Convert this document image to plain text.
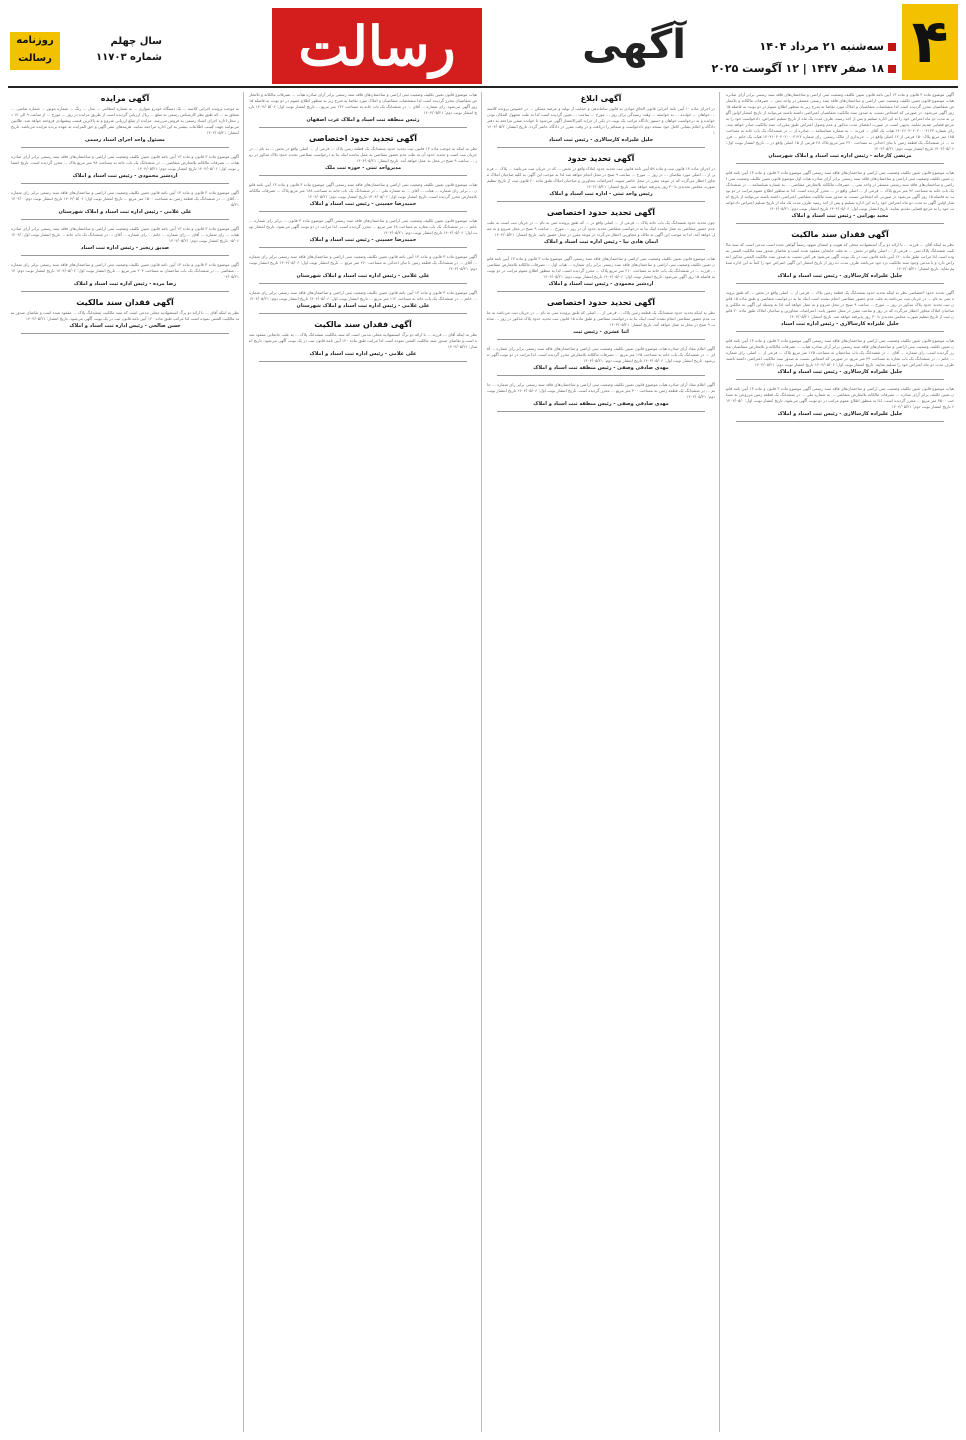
۴
سه‌شنبه ۲۱ مرداد ۱۴۰۴
۱۸ صفر ۱۴۴۷ | ۱۲ آگوست ۲۰۲۵
آگهی
رسالت
سال چهلم
شماره ۱۱۷۰۳
روزنامه
رسالت
آگهی موضوع ماده ۳ قانون و ماده ۱۳ آیین نامه قانون تعیین تکلیف وضعیت ثبتی اراضی و ساختمان‌های فاقد سند رسمی برابر آرای صادره هیات موضوع قانون تعیین تکلیف وضعیت ثبتی اراضی و ساختمان‌های فاقد سند رسمی مستقر در واحد ثبتی ... تصرفات مالکانه و بلامعارض متقاضیان محرز گردیده است لذا مشخصات متقاضیان و املاک مورد تقاضا به شرح زیر به منظور اطلاع عموم در دو نوبت به فاصله ۱۵ روز آگهی می‌شود. در صورتی که اشخاص نسبت به صدور سند مالکیت متقاضیان اعتراضی داشته باشند می‌توانند از تاریخ انتشار اولین آگهی به مدت دو ماه اعتراض خود را به این اداره تسلیم و پس از اخذ رسید، ظرف مدت یک ماه از تاریخ تسلیم اعتراض، دادخواست خود را به مرجع قضایی تقدیم نمایند. بدیهی است در صورت انقضای مدت مذکور و عدم وصول اعتراض طبق مقررات سند مالکیت صادر خواهد شد. رای شماره ۱۴۰۴۶۰۳۰۲۰۲۰۰۰۴۱۲۳ هیات یک آقای ... فرزند ... به شماره شناسنامه ... صادره از ... در ششدانگ یک باب خانه به مساحت ۱۸۵ متر مربع پلاک ۱۵۰ فرعی از ۱۲ اصلی واقع در ... خریداری از مالک رسمی. رای شماره ۱۴۰۴۶۰۳۰۲۰۲۰۰۰۴۱۲۴ هیات یک خانم ... فرزند ... در ششدانگ یک قطعه زمین با بنای احداثی به مساحت ۲۲۰ متر مربع پلاک ۲۸ فرعی از ۱۵ اصلی واقع در ... تاریخ انتشار نوبت اول: ۱۴۰۴/۰۵/۰۶ تاریخ انتشار نوبت دوم: ۱۴۰۴/۰۵/۲۱
مرتضی کارخانه - رئیس اداره ثبت اسناد و املاک شهرستان
هیات موضوع قانون تعیین تکلیف وضعیت ثبتی اراضی و ساختمان‌های فاقد سند رسمی آگهی موضوع ماده ۳ قانون و ماده ۱۳ آیین نامه قانون تعیین تکلیف وضعیت ثبتی اراضی و ساختمان‌های فاقد سند رسمی برابر آرای صادره هیات اول موضوع قانون تعیین تکلیف وضعیت ثبتی اراضی و ساختمان‌های فاقد سند رسمی مستقر در واحد ثبتی ... تصرفات مالکانه بلامعارض متقاضی ... به شماره شناسنامه ... در ششدانگ یک باب خانه به مساحت ۹۶ متر مربع پلاک ... فرعی از ... اصلی واقع در ... محرز گردیده است. لذا به منظور اطلاع عموم مراتب در دو نوبت به فاصله ۱۵ روز آگهی می‌شود در صورتی که اشخاص نسبت به صدور سند مالکیت متقاضی اعتراضی داشته باشند می‌توانند از تاریخ انتشار اولین آگهی به مدت دو ماه اعتراض خود را به این اداره تسلیم و پس از اخذ رسید ظرف مدت یک ماه از تاریخ تسلیم اعتراض دادخواست خود را به مرجع قضایی تقدیم نمایند. تاریخ انتشار نوبت اول: ۱۴۰۴/۰۵/۰۶ تاریخ انتشار نوبت دوم: ۱۴۰۴/۰۵/۲۱
مجید بهرامی - رئیس ثبت اسناد و املاک
آگهی فقدان سند مالکیت
نظر به اینکه آقای ... فرزند ... با ارائه دو برگ استشهادیه محلی که هویت و امضای شهود رسماً گواهی شده است مدعی است که سند مالکیت ششدانگ پلاک ثبتی ... فرعی از ... اصلی واقع در بخش ... به علت جابجایی مفقود شده است و تقاضای صدور سند مالکیت المثنی نموده است لذا مراتب طبق ماده ۱۲۰ آیین نامه قانون ثبت در یک نوبت آگهی می‌شود هر کس نسبت به صدور سند مالکیت المثنی مذکور اعتراض دارد و یا مدعی وجود سند مالکیت نزد خود می‌باشد ظرف مدت ده روز از تاریخ انتشار این آگهی اعتراض خود را کتباً به این اداره تسلیم نماید. تاریخ انتشار: ۱۴۰۴/۰۵/۲۱
جلیل علیزاده کارسالاری - رئیس ثبت اسناد و املاک
آگهی تحدید حدود اختصاصی نظر به اینکه تحدید حدود ششدانگ یک قطعه زمین پلاک ... فرعی از ... اصلی واقع در بخش ... که طبق پرونده ثبتی به نام ... در جریان ثبت می‌باشد به علت عدم حضور متقاضی انجام نشده است اینک بنا به درخواست متقاضی و طبق ماده ۱۵ قانون ثبت تحدید حدود پلاک مذکور در روز ... مورخ ... ساعت ۹ صبح در محل شروع و به عمل خواهد آمد لذا به وسیله این آگهی به مالکین و صاحبان املاک مجاور اخطار می‌گردد که در روز و ساعت مقرر در محل حضور یابند. اعتراضات مجاورین و صاحبان املاک طبق ماده ۲۰ قانون ثبت از تاریخ تنظیم صورت مجلس تحدیدی تا ۳۰ روز پذیرفته خواهد شد. تاریخ انتشار: ۱۴۰۴/۰۵/۲۱
جلیل علیزاده کارسالاری - رئیس اداره ثبت اسناد
هیات موضوع قانون تعیین تکلیف وضعیت ثبتی اراضی و ساختمان‌های فاقد سند رسمی آگهی موضوع ماده ۳ قانون و ماده ۱۳ آیین نامه قانون تعیین تکلیف وضعیت ثبتی اراضی و ساختمان‌های فاقد سند رسمی برابر آرای صادره هیات ... تصرفات مالکانه و بلامعارض متقاضیان محرز گردیده است. رای شماره ... آقای ... در ششدانگ یک باب ساختمان به مساحت ۱۲۵ متر مربع پلاک ... فرعی از ... اصلی. رای شماره ... خانم ... در ششدانگ یک باب مغازه به مساحت ۳۴ متر مربع. در صورتی که اشخاص نسبت به صدور سند مالکیت اعتراضی داشته باشند ظرف مدت دو ماه اعتراض خود را تسلیم نمایند. تاریخ انتشار نوبت اول: ۱۴۰۴/۰۵/۰۶ تاریخ انتشار نوبت دوم: ۱۴۰۴/۰۵/۲۱
جلیل علیزاده کارسالاری - رئیس ثبت اسناد و املاک
هیات موضوع قانون تعیین تکلیف وضعیت ثبتی اراضی و ساختمان‌های فاقد سند رسمی آگهی موضوع ماده ۳ قانون و ماده ۱۳ آیین نامه قانون تعیین تکلیف برابر آرای صادره ... تصرفات مالکانه بلامعارض متقاضی ... به شماره ملی ... در ششدانگ یک قطعه زمین مزروعی به مساحت ۴۵۰۰ متر مربع ... محرز گردیده است. لذا به منظور اطلاع عموم مراتب در دو نوبت آگهی می‌شود. تاریخ انتشار نوبت اول: ۱۴۰۴/۰۵/۰۶ تاریخ انتشار نوبت دوم: ۱۴۰۴/۰۵/۲۱
جلیل علیزاده کارسالاری - رئیس ثبت اسناد و املاک
آگهی ابلاغ
در اجرای ماده ۱۰ آیین نامه اجرایی قانون الحاق موادی به قانون ساماندهی و حمایت از تولید و عرضه مسکن ... در خصوص پرونده کلاسه ... خواهان ... خوانده ... به خواسته ... وقت رسیدگی برای روز ... مورخ ... ساعت ... تعیین گردیده است لذا به علت مجهول المکان بودن خوانده و به درخواست خواهان و دستور دادگاه مراتب یک نوبت در یکی از جراید کثیرالانتشار آگهی می‌شود تا خوانده ضمن مراجعه به دفتر دادگاه و اعلام نشانی کامل خود نسخه دوم دادخواست و ضمائم را دریافت و در وقت مقرر در دادگاه حاضر گردد. تاریخ انتشار: ۱۴۰۴/۰۵/۲۱
جلیل علیزاده کارسالاری - رئیس ثبت اسناد
آگهی تحدید حدود
در اجرای ماده ۱۴ قانون ثبت و ماده ۵۹ آیین نامه قانون ثبت تحدید حدود املاک واقع در بخش ... که در جریان ثبت می‌باشد ... پلاک ... فرعی از ... اصلی مورد تقاضای ... در روز ... مورخ ... ساعت ۹ صبح در محل انجام خواهد شد لذا به موجب این آگهی به کلیه صاحبان املاک مجاور اخطار می‌گردد که در موعد مقرر در محل حاضر شوند. اعتراضات مجاورین و صاحبان املاک طبق ماده ۲۰ قانون ثبت از تاریخ تنظیم صورت مجلس تحدیدی تا ۳۰ روز پذیرفته خواهد شد. تاریخ انتشار: ۱۴۰۴/۰۵/۲۱
رئیس واحد ثبتی - اداره ثبت اسناد و املاک
آگهی تحدید حدود اختصاصی
چون تحدید حدود ششدانگ یک باب خانه پلاک ... فرعی از ... اصلی واقع در ... که طبق پرونده ثبتی به نام ... در جریان ثبت است به علت عدم حضور متقاضی به عمل نیامده اینک بنا به درخواست متقاضی تحدید حدود آن در روز ... مورخ ... ساعت ۹ صبح در محل شروع و به عمل خواهد آمد. لذا به موجب این آگهی به مالک و مجاورین اخطار می‌گردد در موعد مقرر در محل حضور یابند. تاریخ انتشار: ۱۴۰۴/۰۵/۲۱
ایمان هادی نیا - رئیس اداره ثبت اسناد و املاک
هیات موضوع قانون تعیین تکلیف وضعیت ثبتی اراضی و ساختمان‌های فاقد سند رسمی آگهی موضوع ماده ۳ قانون و ماده ۱۳ آیین نامه قانون تعیین تکلیف وضعیت ثبتی اراضی و ساختمان‌های فاقد سند رسمی برابر رای شماره ... هیات اول ... تصرفات مالکانه بلامعارض متقاضی ... فرزند ... در ششدانگ یک باب خانه به مساحت ۲۱۰ متر مربع پلاک ... محرز گردیده است. لذا به منظور اطلاع عموم مراتب در دو نوبت به فاصله ۱۵ روز آگهی می‌شود. تاریخ انتشار نوبت اول: ۱۴۰۴/۰۵/۰۶ تاریخ انتشار نوبت دوم: ۱۴۰۴/۰۵/۲۱
اردشیر محمودی - رئیس ثبت اسناد و املاک
آگهی تحدید حدود اختصاصی
نظر به اینکه تحدید حدود ششدانگ یک قطعه زمین پلاک ... فرعی از ... اصلی که طبق پرونده ثبتی به نام ... در جریان ثبت می‌باشد به علت عدم حضور متقاضی انجام نشده است اینک بنا به درخواست متقاضی و طبق ماده ۱۵ قانون ثبت تحدید حدود پلاک مذکور در روز ... ساعت ۹ صبح در محل به عمل خواهد آمد. تاریخ انتشار: ۱۴۰۴/۰۵/۲۱
اثنا عشری - رئیس ثبت
آگهی اعلام مفاد آرای صادره هیات موضوع قانون تعیین تکلیف وضعیت ثبتی اراضی و ساختمان‌های فاقد سند رسمی برابر رای شماره ... آقای ... در ششدانگ یک باب خانه به مساحت ۱۶۵ متر مربع ... تصرفات مالکانه بلامعارض محرز گردیده است. لذا مراتب در دو نوبت آگهی می‌شود. تاریخ انتشار نوبت اول: ۱۴۰۴/۰۵/۰۶ تاریخ انتشار نوبت دوم: ۱۴۰۴/۰۵/۲۱
مهدی صادقی وصفی - رئیس منطقه ثبت اسناد و املاک
آگهی اعلام مفاد آرای صادره هیات موضوع قانون تعیین تکلیف وضعیت ثبتی اراضی و ساختمان‌های فاقد سند رسمی برابر رای شماره ... خانم ... در ششدانگ یک قطعه زمین به مساحت ۳۰۰ متر مربع ... محرز گردیده است. تاریخ انتشار نوبت اول: ۱۴۰۴/۰۵/۰۶ تاریخ انتشار نوبت دوم: ۱۴۰۴/۰۵/۲۱
مهدی صادقی وصفی - رئیس منطقه ثبت اسناد و املاک
هیات موضوع قانون تعیین تکلیف وضعیت ثبتی اراضی و ساختمان‌های فاقد سند رسمی برابر آرای صادره هیات ... تصرفات مالکانه و بلامعارض متقاضیان محرز گردیده است لذا مشخصات متقاضیان و املاک مورد تقاضا به شرح زیر به منظور اطلاع عموم در دو نوبت به فاصله ۱۵ روز آگهی می‌شود. رای شماره ... آقای ... در ششدانگ یک باب خانه به مساحت ۱۴۲ متر مربع ... تاریخ انتشار نوبت اول: ۱۴۰۴/۰۵/۰۶ تاریخ انتشار نوبت دوم: ۱۴۰۴/۰۵/۲۱
رئیس منطقه ثبت اسناد و املاک غرب اصفهان
آگهی تجدید حدود اختصاصی
نظر به اینکه به موجب ماده ۱۳ قانون ثبت تحدید حدود ششدانگ یک قطعه زمین پلاک ... فرعی از ... اصلی واقع در بخش ... به نام ... در جریان ثبت است و تحدید حدود آن به علت عدم حضور متقاضی به عمل نیامده اینک بنا به درخواست متقاضی تحدید حدود پلاک مذکور در روز ... ساعت ۹ صبح در محل به عمل خواهد آمد. تاریخ انتشار: ۱۴۰۴/۰۵/۲۱
مدیرواحد ثبتی - حوزه ثبت ملک
هیات موضوع قانون تعیین تکلیف وضعیت ثبتی اراضی و ساختمان‌های فاقد سند رسمی آگهی موضوع ماده ۳ قانون و ماده ۱۳ آیین نامه قانون ... برابر رای شماره ... هیات ... آقای ... به شماره ملی ... در ششدانگ یک باب خانه به مساحت ۱۸۸ متر مربع پلاک ... تصرفات مالکانه بلامعارض محرز گردیده است. تاریخ انتشار نوبت اول: ۱۴۰۴/۰۵/۰۶ تاریخ انتشار نوبت دوم: ۱۴۰۴/۰۵/۲۱
حمیدرضا حسینی - رئیس ثبت اسناد و املاک
هیات موضوع قانون تعیین تکلیف وضعیت ثبتی اراضی و ساختمان‌های فاقد سند رسمی آگهی موضوع ماده ۳ قانون ... برابر رای شماره ... خانم ... در ششدانگ یک باب مغازه به مساحت ۴۸ متر مربع ... محرز گردیده است. لذا مراتب در دو نوبت آگهی می‌شود. تاریخ انتشار نوبت اول: ۱۴۰۴/۰۵/۰۶ تاریخ انتشار نوبت دوم: ۱۴۰۴/۰۵/۲۱
حمیدرضا حسینی - رئیس ثبت اسناد و املاک
آگهی موضوع ماده ۳ قانون و ماده ۱۳ آیین نامه قانون تعیین تکلیف وضعیت ثبتی اراضی و ساختمان‌های فاقد سند رسمی برابر رای شماره ... آقای ... در ششدانگ یک قطعه زمین با بنای احداثی به مساحت ۲۶۰ متر مربع ... تاریخ انتشار نوبت اول: ۱۴۰۴/۰۵/۰۶ تاریخ انتشار نوبت دوم: ۱۴۰۴/۰۵/۲۱
علی غلامی - رئیس اداره ثبت اسناد و املاک شهرستان
آگهی موضوع ماده ۳ قانون و ماده ۱۳ آیین نامه قانون تعیین تکلیف وضعیت ثبتی اراضی و ساختمان‌های فاقد سند رسمی برابر رای شماره ... خانم ... در ششدانگ یک باب خانه به مساحت ۱۱۲ متر مربع ... تاریخ انتشار نوبت اول: ۱۴۰۴/۰۵/۰۶ تاریخ انتشار نوبت دوم: ۱۴۰۴/۰۵/۲۱
علی غلامی - رئیس اداره ثبت اسناد و املاک شهرستان
آگهی فقدان سند مالکیت
نظر به اینکه آقای ... فرزند ... با ارائه دو برگ استشهادیه محلی مدعی است که سند مالکیت ششدانگ پلاک ... به علت جابجایی مفقود شده است و تقاضای صدور سند مالکیت المثنی نموده است لذا مراتب طبق ماده ۱۲۰ آیین نامه قانون ثبت در یک نوبت آگهی می‌شود. تاریخ انتشار: ۱۴۰۴/۰۵/۲۱
علی غلامی - رئیس اداره ثبت اسناد و املاک
آگهی مزایده
به موجب پرونده اجرایی کلاسه ... یک دستگاه خودرو سواری ... به شماره انتظامی ... مدل ... رنگ ... شماره موتور ... شماره شاسی ... متعلق به ... که طبق نظر کارشناس رسمی به مبلغ ... ریال ارزیابی گردیده است از طریق مزایده در روز ... مورخ ... از ساعت ۹ الی ۱۲ در محل اداره اجرای اسناد رسمی به فروش می‌رسد. مزایده از مبلغ ارزیابی شروع و به بالاترین قیمت پیشنهادی فروخته خواهد شد. طالبین می‌توانند جهت کسب اطلاعات بیشتر به این اداره مراجعه نمایند. هزینه‌های نشر آگهی و حق المزایده به عهده برنده مزایده می‌باشد. تاریخ انتشار: ۱۴۰۴/۰۵/۲۱
مسئول واحد اجرای اسناد رسمی
آگهی موضوع ماده ۳ قانون و ماده ۱۳ آیین نامه قانون تعیین تکلیف وضعیت ثبتی اراضی و ساختمان‌های فاقد سند رسمی برابر آرای صادره هیات ... تصرفات مالکانه بلامعارض متقاضی ... در ششدانگ یک باب خانه به مساحت ۹۸ متر مربع پلاک ... محرز گردیده است. تاریخ انتشار نوبت اول: ۱۴۰۴/۰۵/۰۶ تاریخ انتشار نوبت دوم: ۱۴۰۴/۰۵/۲۱
اردشیر محمودی - رئیس ثبت اسناد و املاک
آگهی موضوع ماده ۳ قانون و ماده ۱۳ آیین نامه قانون تعیین تکلیف وضعیت ثبتی اراضی و ساختمان‌های فاقد سند رسمی برابر رای شماره ... آقای ... در ششدانگ یک قطعه زمین به مساحت ۱۵۰۰ متر مربع ... تاریخ انتشار نوبت اول: ۱۴۰۴/۰۵/۰۶ تاریخ انتشار نوبت دوم: ۱۴۰۴/۰۵/۲۱
علی غلامی - رئیس اداره ثبت اسناد و املاک شهرستان
آگهی موضوع ماده ۳ قانون و ماده ۱۳ آیین نامه قانون تعیین تکلیف وضعیت ثبتی اراضی و ساختمان‌های فاقد سند رسمی برابر آرای صادره هیات ... رای شماره ... آقای ... رای شماره ... خانم ... رای شماره ... آقای ... در ششدانگ یک باب خانه ... تاریخ انتشار نوبت اول: ۱۴۰۴/۰۵/۰۶ تاریخ انتشار نوبت دوم: ۱۴۰۴/۰۵/۲۱
صدیق زنجیر - رئیس اداره ثبت اسناد
آگهی موضوع ماده ۳ قانون و ماده ۱۳ آیین نامه قانون تعیین تکلیف وضعیت ثبتی اراضی و ساختمان‌های فاقد سند رسمی برابر رای شماره ... متقاضی ... در ششدانگ یک باب ساختمان به مساحت ۲۰۴ متر مربع ... تاریخ انتشار نوبت اول: ۱۴۰۴/۰۵/۰۶ تاریخ انتشار نوبت دوم: ۱۴۰۴/۰۵/۲۱
رضا مرده - رئیس اداره ثبت اسناد و املاک
آگهی فقدان سند مالکیت
نظر به اینکه آقای ... با ارائه دو برگ استشهادیه محلی مدعی است که سند مالکیت ششدانگ پلاک ... مفقود شده است و تقاضای صدور سند مالکیت المثنی نموده است لذا مراتب طبق ماده ۱۲۰ آیین نامه قانون ثبت در یک نوبت آگهی می‌شود. تاریخ انتشار: ۱۴۰۴/۰۵/۲۱
حسن صالحی - رئیس اداره ثبت اسناد و املاک
